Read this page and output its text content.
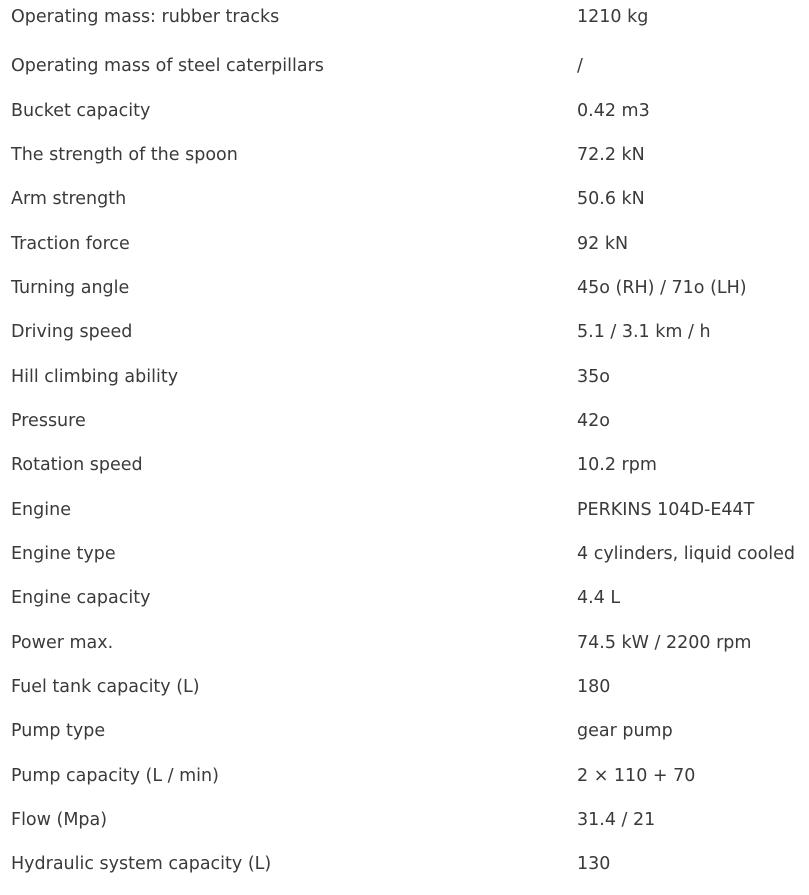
Operating mass: rubber tracks	1210 kg
Operating mass of steel caterpillars	/
Bucket capacity	0.42 m3
The strength of the spoon	72.2 kN
Arm strength	50.6 kN
Traction force	92 kN
Turning angle	45o (RH) / 71o (LH)
Driving speed	5.1 / 3.1 km / h
Hill climbing ability	35o
Pressure	42o
Rotation speed	10.2 rpm
Engine	PERKINS 104D-E44T
Engine type	4 cylinders, liquid cooled
Engine capacity	4.4 L
Power max.	74.5 kW / 2200 rpm
Fuel tank capacity (L)	180
Pump type	gear pump
Pump capacity (L / min)	2 × 110 + 70
Flow (Mpa)	31.4 / 21
Hydraulic system capacity (L)	130
